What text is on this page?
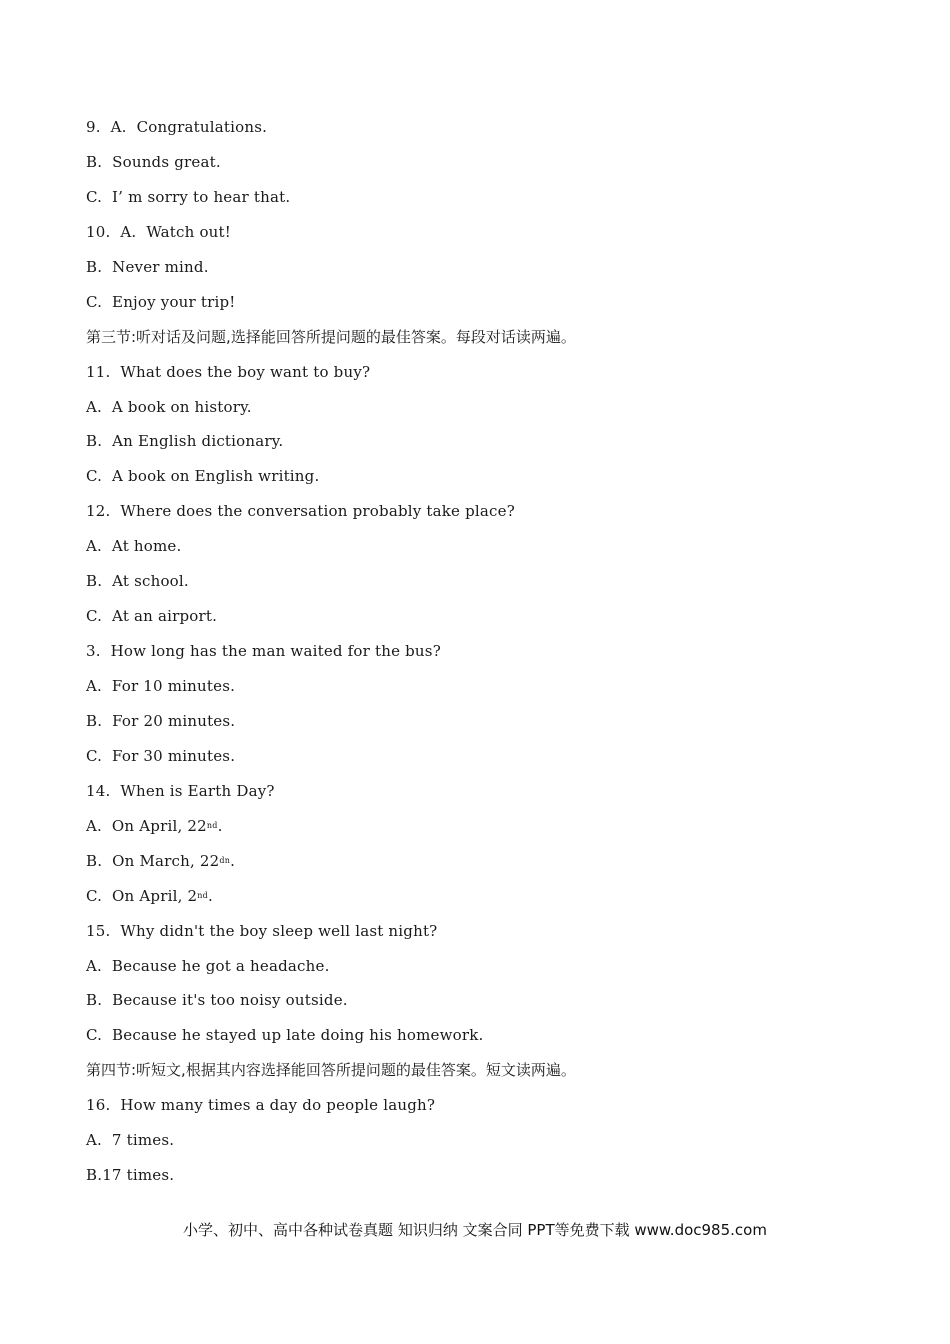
9.  A.  Congratulations.
B.  Sounds great.
C.  I’ m sorry to hear that.
10.  A.  Watch out!
B.  Never mind.
C.  Enjoy your trip!
第三节:听对话及问题,选择能回答所提问题的最佳答案。每段对话读两遍。
11.  What does the boy want to buy?
A.  A book on history.
B.  An English dictionary.
C.  A book on English writing.
12.  Where does the conversation probably take place?
A.  At home.
B.  At school.
C.  At an airport.
3.  How long has the man waited for the bus?
A.  For 10 minutes.
B.  For 20 minutes.
C.  For 30 minutes.
14.  When is Earth Day?
A.  On April, 22nd.
B.  On March, $22^{dn}$.
C.  On April, 2nd.
15.  Why didn't the boy sleep well last night?
A.  Because he got a headache.
B.  Because it's too noisy outside.
C.  Because he stayed up late doing his homework.
第四节:听短文,根据其内容选择能回答所提问题的最佳答案。短文读两遍。
16.  How many times a day do people laugh?
A.  7 times.
B.17 times.
小学、初中、高中各种试卷真题 知识归纳 文案合同 PPT等免费下载 www.doc985.com
